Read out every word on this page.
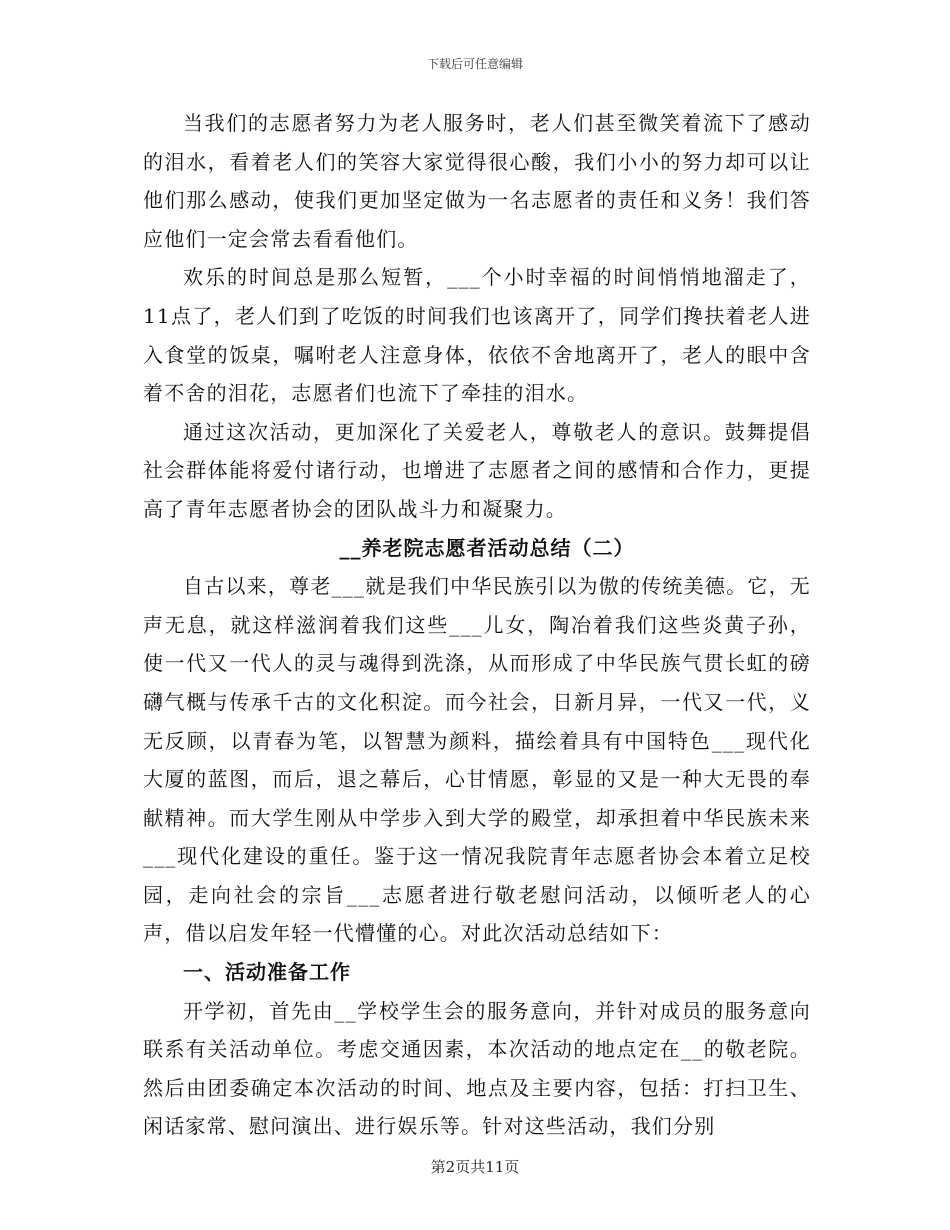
下载后可任意编辑

当我们的志愿者努力为老人服务时，老人们甚至微笑着流下了感动的泪水，看着老人们的笑容大家觉得很心酸，我们小小的努力却可以让他们那么感动，使我们更加坚定做为一名志愿者的责任和义务！我们答应他们一定会常去看看他们。

欢乐的时间总是那么短暂，___个小时幸福的时间悄悄地溜走了，11点了，老人们到了吃饭的时间我们也该离开了，同学们搀扶着老人进入食堂的饭桌，嘱咐老人注意身体，依依不舍地离开了，老人的眼中含着不舍的泪花，志愿者们也流下了牵挂的泪水。

通过这次活动，更加深化了关爱老人，尊敬老人的意识。鼓舞提倡社会群体能将爱付诸行动，也增进了志愿者之间的感情和合作力，更提高了青年志愿者协会的团队战斗力和凝聚力。

__养老院志愿者活动总结（二）

自古以来，尊老___就是我们中华民族引以为傲的传统美德。它，无声无息，就这样滋润着我们这些___儿女，陶冶着我们这些炎黄子孙，使一代又一代人的灵与魂得到洗涤，从而形成了中华民族气贯长虹的磅礴气概与传承千古的文化积淀。而今社会，日新月异，一代又一代，义无反顾，以青春为笔，以智慧为颜料，描绘着具有中国特色___现代化大厦的蓝图，而后，退之幕后，心甘情愿，彰显的又是一种大无畏的奉献精神。而大学生刚从中学步入到大学的殿堂，却承担着中华民族未来___现代化建设的重任。鉴于这一情况我院青年志愿者协会本着立足校园，走向社会的宗旨___志愿者进行敬老慰问活动，以倾听老人的心声，借以启发年轻一代懵懂的心。对此次活动总结如下：

一、活动准备工作

开学初，首先由__学校学生会的服务意向，并针对成员的服务意向联系有关活动单位。考虑交通因素，本次活动的地点定在__的敬老院。然后由团委确定本次活动的时间、地点及主要内容，包括：打扫卫生、闲话家常、慰问演出、进行娱乐等。针对这些活动，我们分别

第2页共11页
